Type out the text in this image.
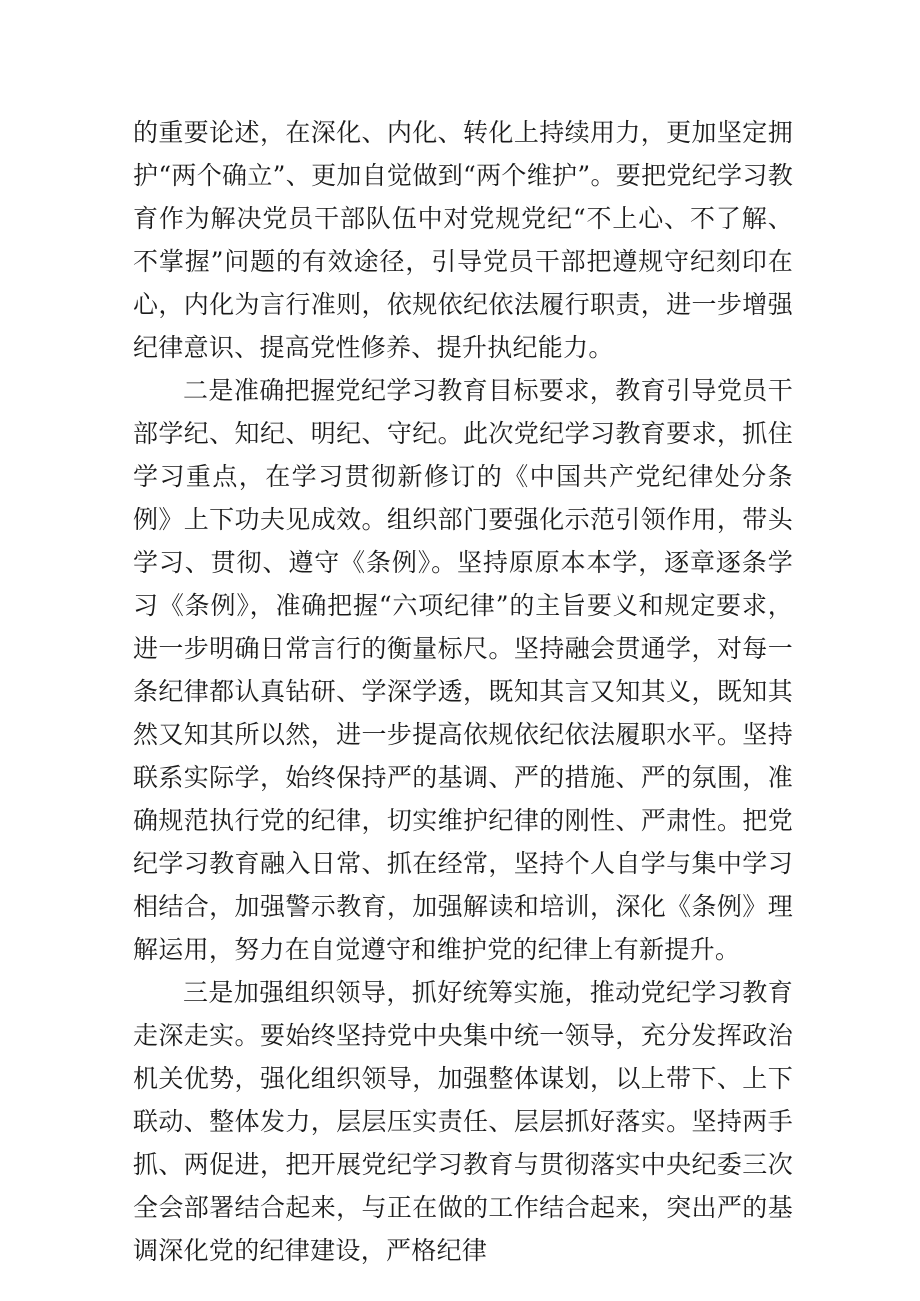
的重要论述，在深化、内化、转化上持续用力，更加坚定拥护“两个确立”、更加自觉做到“两个维护”。要把党纪学习教育作为解决党员干部队伍中对党规党纪“不上心、不了解、不掌握”问题的有效途径，引导党员干部把遵规守纪刻印在心，内化为言行准则，依规依纪依法履行职责，进一步增强纪律意识、提高党性修养、提升执纪能力。

二是准确把握党纪学习教育目标要求，教育引导党员干部学纪、知纪、明纪、守纪。此次党纪学习教育要求，抓住学习重点，在学习贯彻新修订的《中国共产党纪律处分条例》上下功夫见成效。组织部门要强化示范引领作用，带头学习、贯彻、遵守《条例》。坚持原原本本学，逐章逐条学习《条例》，准确把握“六项纪律”的主旨要义和规定要求，进一步明确日常言行的衡量标尺。坚持融会贯通学，对每一条纪律都认真钻研、学深学透，既知其言又知其义，既知其然又知其所以然，进一步提高依规依纪依法履职水平。坚持联系实际学，始终保持严的基调、严的措施、严的氛围，准确规范执行党的纪律，切实维护纪律的刚性、严肃性。把党纪学习教育融入日常、抓在经常，坚持个人自学与集中学习相结合，加强警示教育，加强解读和培训，深化《条例》理解运用，努力在自觉遵守和维护党的纪律上有新提升。

三是加强组织领导，抓好统筹实施，推动党纪学习教育走深走实。要始终坚持党中央集中统一领导，充分发挥政治机关优势，强化组织领导，加强整体谋划，以上带下、上下联动、整体发力，层层压实责任、层层抓好落实。坚持两手抓、两促进，把开展党纪学习教育与贯彻落实中央纪委三次全会部署结合起来，与正在做的工作结合起来，突出严的基调深化党的纪律建设，严格纪律
